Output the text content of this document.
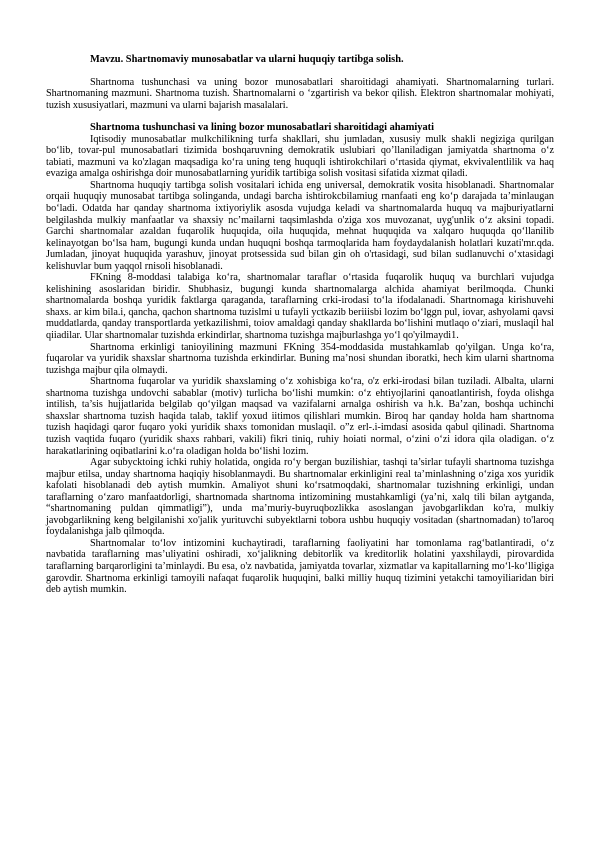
Mavzu. Shartnomaviy munosabatlar va ularni huquqiy tartibga solish.

Shartnoma tushunchasi va uning bozor munosabatlari sharoitidagi ahamiyati. Shartnomalarning turlari. Shartnomaning mazmuni. Shartnoma tuzish. Shartnomalarni o ‘zgartirish va bekor qilish. Elektron shartnomalar mohiyati, tuzish xususiyatlari, mazmuni va ularni bajarish masalalari.

Shartnoma tushunchasi va lining bozor munosabatlari sharoitidagi ahamiyati

Iqtisodiy munosabatlar mulkchilikning turfa shakllari, shu jumladan, xususiy mulk shakli negiziga qurilgan bo‘lib, tovar-pul munosabatlari tizimida boshqaruvning demokratik uslubiari qo’llaniladigan jamiyatda shartnoma o‘z tabiati, mazmuni va ko'zlagan maqsadiga ko‘ra uning teng huquqli ishtirokchilari o‘rtasida qiymat, ekvivalentlilik va haq evaziga amalga oshirishga doir munosabatlarning yuridik tartibiga solish vositasi sifatida xizmat qiladi.

Shartnoma huquqiy tartibga solish vositalari ichida eng universal, demokratik vosita hisoblanadi. Shartnomalar orqaii huquqiy munosabat tartibga solinganda, undagi barcha ishtirokcbilamiug rnanfaati eng ko‘p darajada ta’minlaugan bo‘ladi. Odatda har qanday shartnoma ixtiyoriylik asosda vujudga keladi va shartnomalarda huquq va majburiyatlarni belgilashda mulkiy manfaatlar va shaxsiy nc’mailarni taqsimlashda o'ziga xos muvozanat, uyg'unlik o‘z aksini topadi. Garchi shartnomalar azaldan fuqarolik huquqida, oila huquqida, mehnat huquqida va xalqaro huquqda qo‘llanilib kelinayotgan bo‘lsa ham, bugungi kunda undan huquqni boshqa tarmoqlarida ham foydaydalanish holatlari kuzati'mr.qda. Jumladan, jinoyat huquqida yarashuv, jinoyat protsessida sud bilan gin oh o'rtasidagi, sud bilan sudlanuvchi o‘xtasidagi kelishuvlar bum yaqqol rnisoli hisoblanadi.

FKning 8-moddasi talabiga ko‘ra, shartnomalar taraflar o‘rtasida fuqarolik huquq va burchlari vujudga kelishining asoslaridan biridir. Shubhasiz, bugungi kunda shartnomalarga alchida ahamiyat berilmoqda. Chunki shartnomalarda boshqa yuridik faktlarga qaraganda, taraflarning crki-irodasi to‘la ifodalanadi. Shartnomaga kirishuvehi shaxs. ar kim bila.i, qancha, qachon shartnoma tuzislmi u tufayli yctkazib beriiisbi lozim bo‘lggn pul, iovar, ashyolami qavsi muddatlarda, qanday transportlarda yetkazilishmi, toiov amaldagi qanday shakllarda bo‘lishini mutlaqo o‘ziari, muslaqil hal qiiadilar. Ular shartnomalar tuzishda erkindirlar, shartnoma tuzishga majburlashga yo‘l qo'yilmaydi1.

Shartnoma erkinligi tanioyilining mazmuni FKning 354-moddasida mustahkamlab qo'yilgan. Unga ko‘ra, fuqarolar va yuridik shaxslar shartnoma tuzishda erkindirlar. Buning ma’nosi shundan iboratki, hech kim ularni shartnoma tuzishga majbur qila olmaydi.

Shartnoma fuqarolar va yuridik shaxslaming o‘z xohisbiga ko‘ra, o'z erki-irodasi bilan tuziladi. Albalta, ularni shartnoma tuzishga undovchi sabablar (motiv) turlicha bo‘lishi mumkin: o‘z ehtiyojlarini qanoatlantirish, foyda olishga intilish, ta’sis hujjatlarida belgilab qo‘yilgan maqsad va vazifalarni arnalga oshirish va h.k. Ba’zan, boshqa uchinchi shaxslar shartnoma tuzish haqida talab, taklif yoxud iitimos qilishlari mumkin. Biroq har qanday holda ham shartnoma tuzish haqidagi qaror fuqaro yoki yuridik shaxs tomonidan muslaqil. o”z erl-.i-imdasi asosida qabul qilinadi. Shartnoma tuzish vaqtida fuqaro (yuridik shaxs rahbari, vakili) fikri tiniq, ruhiy hoiati normal, o‘zini o‘zi idora qila oladigan. o‘z harakatlarining oqibatlarini k.o‘ra oladigan holda bo‘lishi lozim.

Agar subycktoing ichki ruhiy holatida, ongida ro‘y bergan buzilishiar, tashqi ta’sirlar tufayli shartnoma tuzishga majbur etilsa, unday shartnoma haqiqiy hisoblanmaydi. Bu shartnomalar erkinligini real ta’minlashning o‘ziga xos yuridik kafolati hisoblanadi deb aytish mumkin. Amaliyot shuni ko‘rsatmoqdaki, shartnomalar tuzishning erkinligi, undan taraflarning o‘zaro manfaatdorligi, shartnomada shartnoma intizomining mustahkamligi (ya’ni, xalq tili bilan aytganda, “shartnomaning puldan qimmatligi”), unda ma’muriy-buyruqbozlikka asoslangan javobgarlikdan ko'ra, mulkiy javobgarlikning keng belgilanishi xo'jalik yurituvchi subyektlarni tobora ushbu huquqiy vositadan (shartnomadan) to'laroq foydalanishga jalb qilmoqda.

Shartnomalar to‘lov intizomini kuchaytiradi, taraflarning faoliyatini har tomonlama rag‘batlantiradi, o‘z navbatida taraflarning mas’uliyatini oshiradi, xo‘jalikning debitorlik va kreditorlik holatini yaxshilaydi, pirovardida taraflarning barqarorligini ta’minlaydi. Bu esa, o'z navbatida, jamiyatda tovarlar, xizmatlar va kapitallarning mo‘l-ko‘lligiga garovdir. Shartnoma erkinligi tamoyili nafaqat fuqarolik huquqini, balki milliy huquq tizimini yetakchi tamoyiliaridan biri deb aytish mumkin.
